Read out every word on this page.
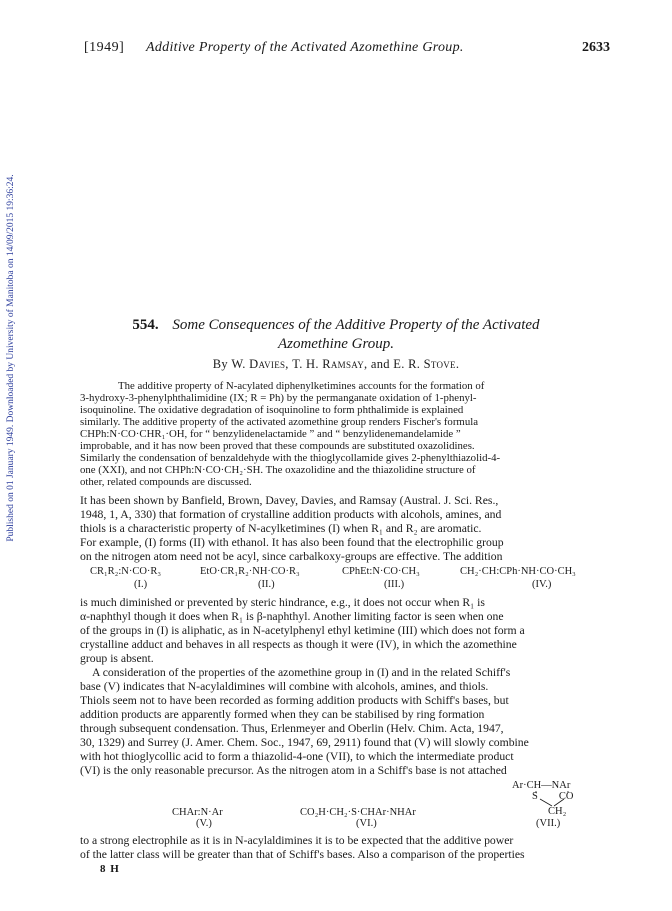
[1949] Additive Property of the Activated Azomethine Group.	2633
Published on 01 January 1949. Downloaded by University of Manitoba on 14/09/2015 19:36:24.	554. Some Consequences of the Additive Property of the Activated
Azomethine Group.
By W. Davies, T. H. Ramsay, and E. R. Stove.
The additive property of N-acylated diphenylketimines accounts for the formation of
3-hydroxy-3-phenylphthalimidine (IX; R = Ph) by the permanganate oxidation of 1-phenyl-
isoquinoline. The oxidative degradation of isoquinoline to form phthalimide is explained
similarly. The additive property of the activated azomethine group renders Fischer's formula
CHPh:N·CO·CHR₁·OH, for “ benzylidenelactamide ” and “ benzylidenemandelamide ”
improbable, and it has now been proved that these compounds are substituted oxazolidines.
Similarly the condensation of benzaldehyde with the thioglycollamide gives 2-phenylthiazolid-4-
one (XXI), and not CHPh:N·CO·CH₂·SH. The oxazolidine and the thiazolidine structure of
other, related compounds are discussed.
It has been shown by Banfield, Brown, Davey, Davies, and Ramsay (Austral. J. Sci. Res.,
1948, 1, A, 330) that formation of crystalline addition products with alcohols, amines, and
thiols is a characteristic property of N-acylketimines (I) when R₁ and R₂ are aromatic.
For example, (I) forms (II) with ethanol. It has also been found that the electrophilic group
on the nitrogen atom need not be acyl, since carbalkoxy-groups are effective. The addition
CR₁R₂:N·CO·R₃
(I.)
EtO·CR₁R₂·NH·CO·R₃
(II.)
CPhEt:N·CO·CH₃
(III.)
CH₂·CH:CPh·NH·CO·CH₃
(IV.)
is much diminished or prevented by steric hindrance, e.g., it does not occur when R₁ is
α-naphthyl though it does when R₁ is β-naphthyl. Another limiting factor is seen when one
of the groups in (I) is aliphatic, as in N-acetylphenyl ethyl ketimine (III) which does not form a
crystalline adduct and behaves in all respects as though it were (IV), in which the azomethine
group is absent.
A consideration of the properties of the azomethine group in (I) and in the related Schiff's
base (V) indicates that N-acylaldimines will combine with alcohols, amines, and thiols.
Thiols seem not to have been recorded as forming addition products with Schiff's bases, but
addition products are apparently formed when they can be stabilised by ring formation
through subsequent condensation. Thus, Erlenmeyer and Oberlin (Helv. Chim. Acta, 1947,
30, 1329) and Surrey (J. Amer. Chem. Soc., 1947, 69, 2911) found that (V) will slowly combine
with hot thioglycollic acid to form a thiazolid-4-one (VII), to which the intermediate product
(VI) is the only reasonable precursor. As the nitrogen atom in a Schiff's base is not attached
Ar·CH—NAr
S        CO
CH₂
CHAr:N·Ar
(V.)
CO₂H·CH₂·S·CHAr·NHAr
(VI.)	(VII.)
to a strong electrophile as it is in N-acylaldimines it is to be expected that the additive power
of the latter class will be greater than that of Schiff's bases. Also a comparison of the properties
8 H
